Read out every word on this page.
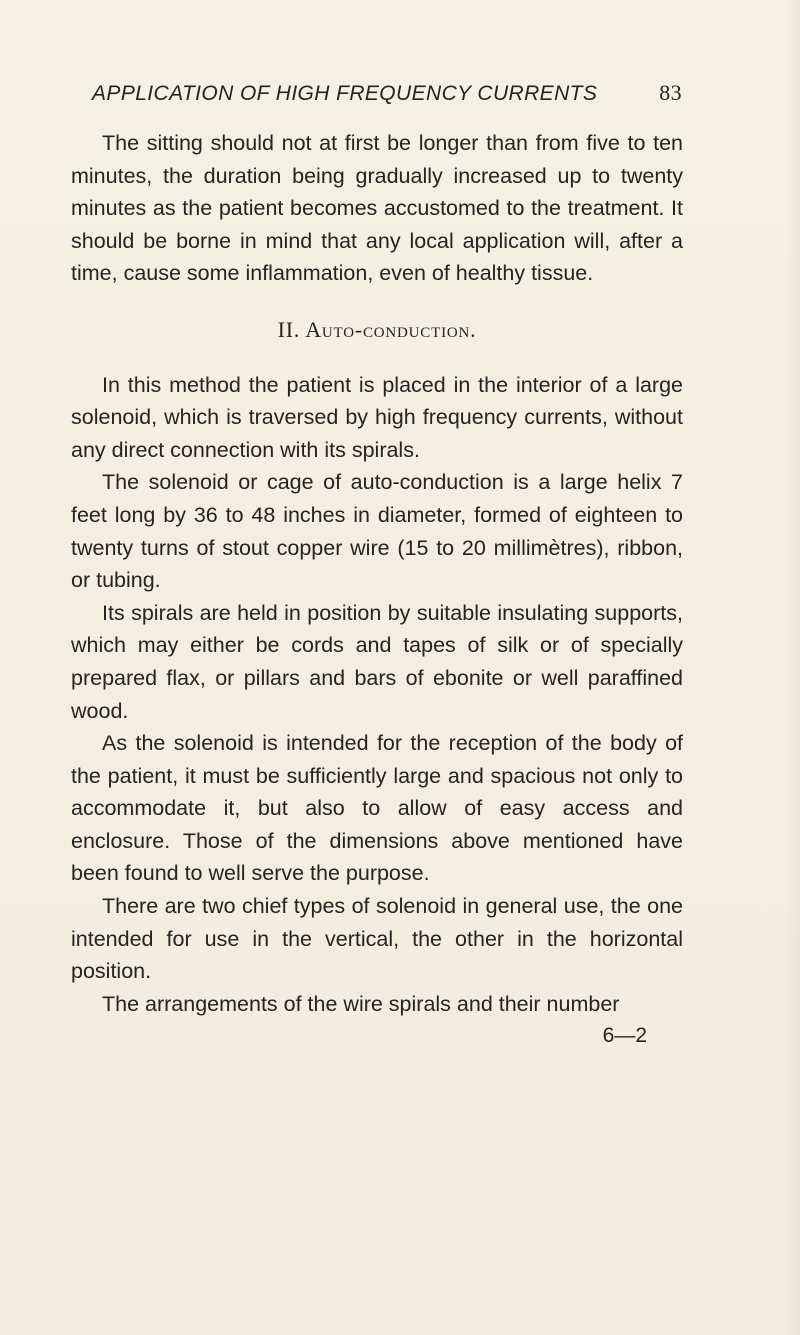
APPLICATION OF HIGH FREQUENCY CURRENTS	83

The sitting should not at first be longer than from five to ten minutes, the duration being gradually increased up to twenty minutes as the patient becomes accustomed to the treatment. It should be borne in mind that any local application will, after a time, cause some inflammation, even of healthy tissue.

II. Auto-conduction.

In this method the patient is placed in the interior of a large solenoid, which is traversed by high frequency currents, without any direct connection with its spirals.

The solenoid or cage of auto-conduction is a large helix 7 feet long by 36 to 48 inches in diameter, formed of eighteen to twenty turns of stout copper wire (15 to 20 millimètres), ribbon, or tubing.

Its spirals are held in position by suitable insulating supports, which may either be cords and tapes of silk or of specially prepared flax, or pillars and bars of ebonite or well paraffined wood.

As the solenoid is intended for the reception of the body of the patient, it must be sufficiently large and spacious not only to accommodate it, but also to allow of easy access and enclosure. Those of the dimensions above mentioned have been found to well serve the purpose.

There are two chief types of solenoid in general use, the one intended for use in the vertical, the other in the horizontal position.

The arrangements of the wire spirals and their number

6—2
